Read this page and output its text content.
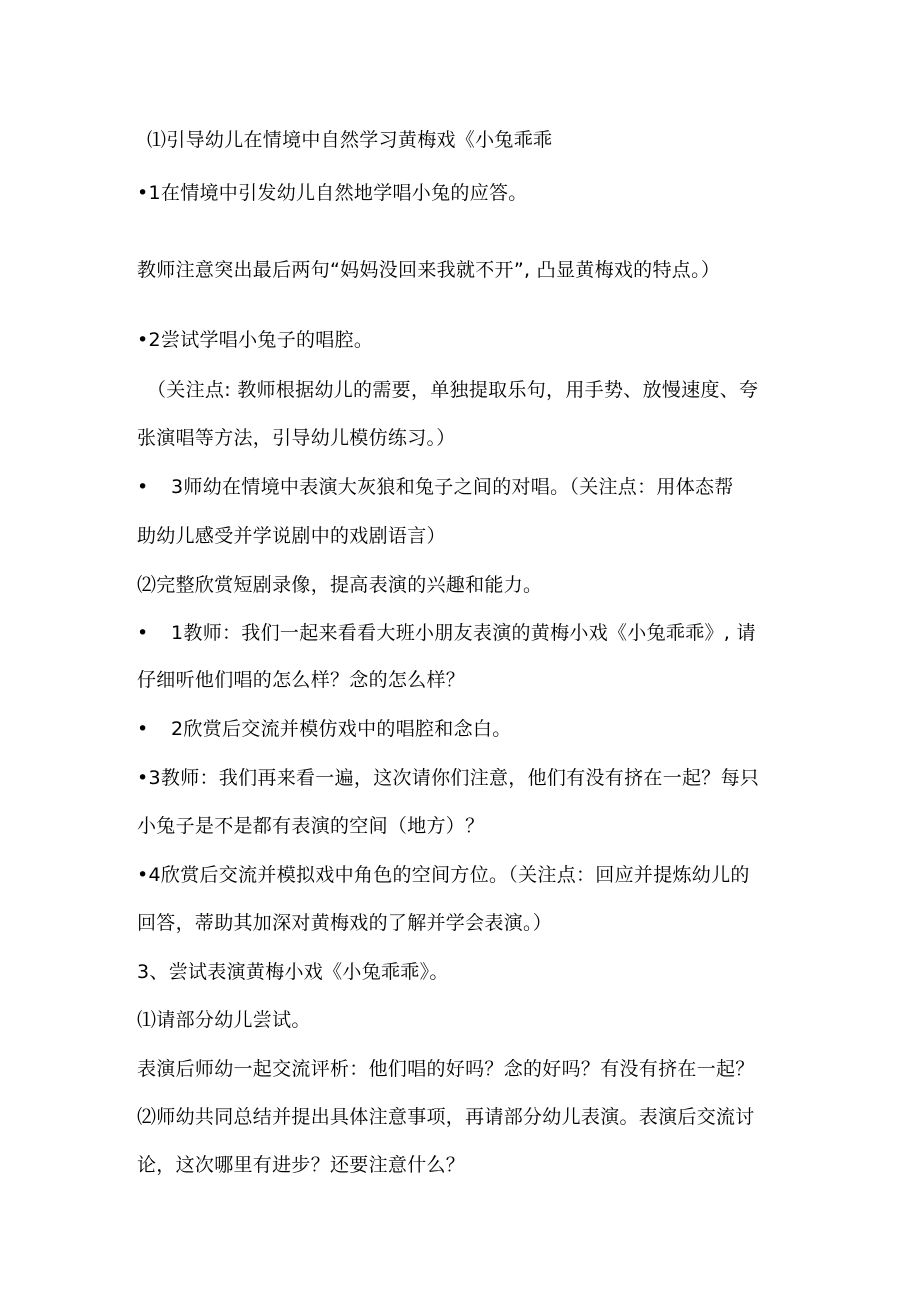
⑴引导幼儿在情境中自然学习黄梅戏《小兔乖乖
•1在情境中引发幼儿自然地学唱小兔的应答。
教师注意突出最后两句“妈妈没回来我就不开”, 凸显黄梅戏的特点。）
•2尝试学唱小兔子的唱腔。
（关注点: 教师根据幼儿的需要，单独提取乐句，用手势、放慢速度、夸
张演唱等方法，引导幼儿模仿练习。）
• 3师幼在情境中表演大灰狼和兔子之间的对唱。（关注点：用体态帮
助幼儿感受并学说剧中的戏剧语言）
⑵完整欣赏短剧录像，提高表演的兴趣和能力。
• 1教师：我们一起来看看大班小朋友表演的黄梅小戏《小兔乖乖》, 请
仔细听他们唱的怎么样？念的怎么样？
• 2欣赏后交流并模仿戏中的唱腔和念白。
•3教师：我们再来看一遍，这次请你们注意，他们有没有挤在一起？每只
小兔子是不是都有表演的空间（地方）？
•4欣赏后交流并模拟戏中角色的空间方位。（关注点：回应并提炼幼儿的
回答，蒂助其加深对黄梅戏的了解并学会表演。）
3、尝试表演黄梅小戏《小兔乖乖》。
⑴请部分幼儿尝试。
表演后师幼一起交流评析：他们唱的好吗？念的好吗？有没有挤在一起？
⑵师幼共同总结并提出具体注意事项，再请部分幼儿表演。表演后交流讨
论，这次哪里有进步？还要注意什么？
